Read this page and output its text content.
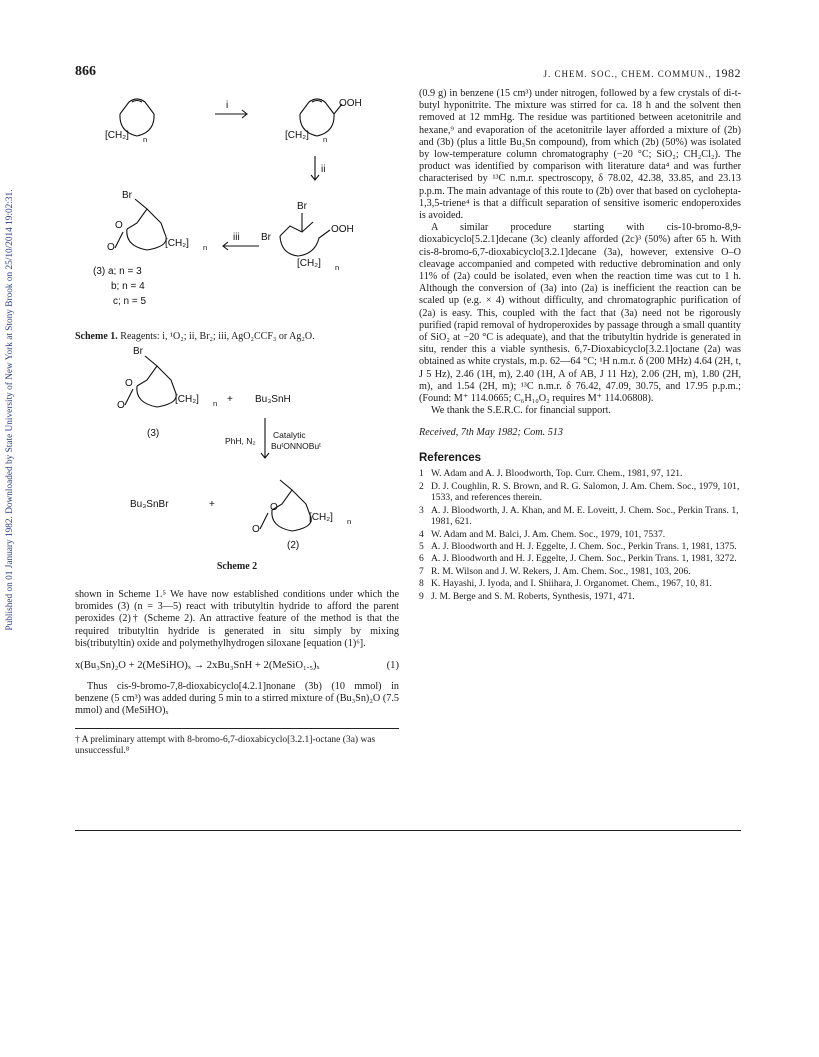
Published on 01 January 1982. Downloaded by State University of New York at Stony Brook on 25/10/2014 19:02:31.
866	J. CHEM. SOC., CHEM. COMMUN., 1982
[CH₂] n
i	OOH
[CH₂] n
ii
Br
Br
OOH
[CH₂] n
iii
Br
O
O	[CH₂] n
(3) a; n = 3
b; n = 4
c; n = 5
Scheme 1. Reagents: i, ¹O₂; ii, Br₂; iii, AgO₂CCF₃ or Ag₂O.
Br
O
O
[CH₂] n + Bu₃SnH
(3)
PhH, N₂
Catalytic
BuᵗONNOBuᵗ
Bu₃SnBr	+	O
O
[CH₂] n
(2)
Scheme 2
shown in Scheme 1.⁵ We have now established conditions under which the bromides (3) (n = 3—5) react with tributyltin hydride to afford the parent peroxides (2)† (Scheme 2). An attractive feature of the method is that the required tributyltin hydride is generated in situ simply by mixing bis(tributyltin) oxide and polymethylhydrogen siloxane [equation (1)⁶].
x(Bu₃Sn)₂O + 2(MeSiHO)ₓ → 2xBu₃SnH + 2(MeSiO₁.₅)ₓ	(1)
Thus cis-9-bromo-7,8-dioxabicyclo[4.2.1]nonane (3b) (10 mmol) in benzene (5 cm³) was added during 5 min to a stirred mixture of (Bu₃Sn)₂O (7.5 mmol) and (MeSiHO)ₓ
† A preliminary attempt with 8-bromo-6,7-dioxabicyclo[3.2.1]-octane (3a) was unsuccessful.⁸
(0.9 g) in benzene (15 cm³) under nitrogen, followed by a few crystals of di-t-butyl hyponitrite. The mixture was stirred for ca. 18 h and the solvent then removed at 12 mmHg. The residue was partitioned between acetonitrile and hexane,⁹ and evaporation of the acetonitrile layer afforded a mixture of (2b) and (3b) (plus a little Bu₃Sn compound), from which (2b) (50%) was isolated by low-temperature column chromatography (−20 °C; SiO₂; CH₂Cl₂). The product was identified by comparison with literature data⁴ and was further characterised by ¹³C n.m.r. spectroscopy, δ 78.02, 42.38, 33.85, and 23.13 p.p.m. The main advantage of this route to (2b) over that based on cyclohepta-1,3,5-triene⁴ is that a difficult separation of sensitive isomeric endoperoxides is avoided.
A similar procedure starting with cis-10-bromo-8,9-dioxabicyclo[5.2.1]decane (3c) cleanly afforded (2c)³ (50%) after 65 h. With cis-8-bromo-6,7-dioxabicyclo[3.2.1]decane (3a), however, extensive O–O cleavage accompanied and competed with reductive debromination and only 11% of (2a) could be isolated, even when the reaction time was cut to 1 h. Although the conversion of (3a) into (2a) is inefficient the reaction can be scaled up (e.g. × 4) without difficulty, and chromatographic purification of (2a) is easy. This, coupled with the fact that (3a) need not be rigorously purified (rapid removal of hydroperoxides by passage through a small quantity of SiO₂ at −20 °C is adequate), and that the tributyltin hydride is generated in situ, render this a viable synthesis. 6,7-Dioxabicyclo[3.2.1]octane (2a) was obtained as white crystals, m.p. 62—64 °C; ¹H n.m.r. δ (200 MHz) 4.64 (2H, t, J 5 Hz), 2.46 (1H, m), 2.40 (1H, A of AB, J 11 Hz), 2.06 (2H, m), 1.80 (2H, m), and 1.54 (2H, m); ¹³C n.m.r. δ 76.42, 47.09, 30.75, and 17.95 p.p.m.; (Found: M⁺ 114.0665; C₆H₁₀O₂ requires M⁺ 114.06808).
We thank the S.E.R.C. for financial support.
Received, 7th May 1982; Com. 513
References
1 W. Adam and A. J. Bloodworth, Top. Curr. Chem., 1981, 97, 121.
2 D. J. Coughlin, R. S. Brown, and R. G. Salomon, J. Am. Chem. Soc., 1979, 101, 1533, and references therein.
3 A. J. Bloodworth, J. A. Khan, and M. E. Loveitt, J. Chem. Soc., Perkin Trans. 1, 1981, 621.
4 W. Adam and M. Balci, J. Am. Chem. Soc., 1979, 101, 7537.
5 A. J. Bloodworth and H. J. Eggelte, J. Chem. Soc., Perkin Trans. 1, 1981, 1375.
6 A. J. Bloodworth and H. J. Eggelte, J. Chem. Soc., Perkin Trans. 1, 1981, 3272.
7 R. M. Wilson and J. W. Rekers, J. Am. Chem. Soc., 1981, 103, 206.
8 K. Hayashi, J. Iyoda, and I. Shiihara, J. Organomet. Chem., 1967, 10, 81.
9 J. M. Berge and S. M. Roberts, Synthesis, 1971, 471.
